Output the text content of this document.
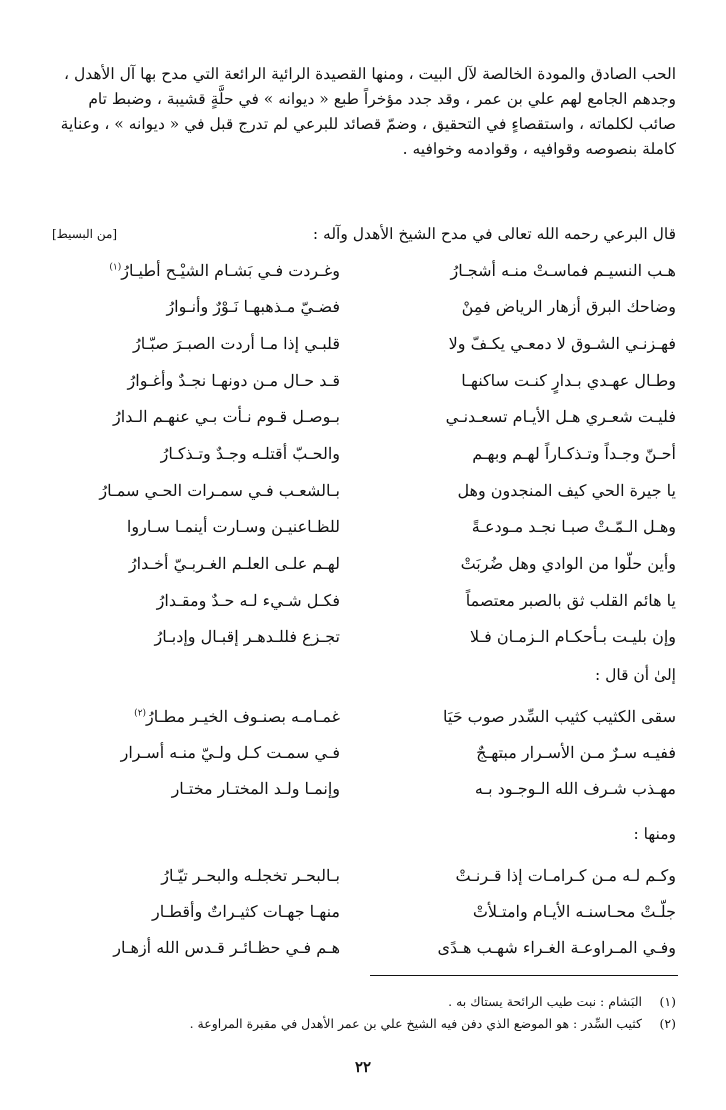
الحب الصادق والمودة الخالصة لآل البيت ، ومنها القصيدة الرائية الرائعة التي مدح بها آل الأهدل ،
وجدهم الجامع لهم علي بن عمر ، وقد جدد مؤخراً طبع « ديوانه » في حلَّةٍ قشيبة ، وضبط تام
صائب لكلماته ، واستقصاءٍ في التحقيق ، وضمّ قصائد للبرعي لم تدرج قبل في « ديوانه » ، وعناية
كاملة بنصوصه وقوافيه ، وقوادمه وخوافيه .
قال البرعي رحمه الله تعالى في مدح الشيخ الأهدل وآله :
[من البسيط]
هـب النسيـم فماسـتْ منـه أشجـارُ
وغـردت فـي بَشـام الشيْـح أطيـارُ$^{(١)}$
وضاحك البرق أزهار الرياض فمِنْ
فضـيّ مـذهبهـا نَـوْرٌ وأنـوارُ
فهـزنـي الشـوق لا دمعـي يكـفّ ولا
قلبـي إذا مـا أردت الصبـرَ صبّـارُ
وطـال عهـدي بـدارٍ كنـت ساكنهـا
قـد حـال مـن دونهـا نجـدٌ وأغـوارُ
فليـت شعـري هـل الأيـام تسعـدنـي
بـوصـل قـوم نـأت بـي عنهـم الـدارُ
أحـنّ وجـداً وتـذكـاراً لهـم وبهـم
والحـبّ أقتلـه وجـدٌ وتـذكـارُ
يا جيرة الحي كيف المنجدون وهل
بـالشعـب فـي سمـرات الحـي سمـارُ
وهـل الـمّـتْ صبـا نجـد مـودعـةً
للظـاعنيـن وسـارت أينمـا سـاروا
وأين حلّوا من الوادي وهل ضُربَتْ
لهـم علـى العلـم الغـربـيّ أخـدارُ
يا هائم القلب ثق بالصبر معتصماً
فكـل شـيء لـه حـدٌ ومقـدارُ
وإن بليـت بـأحكـام الـزمـان فـلا
تجـزع فللـدهـر إقبـال وإدبـارُ
إلىٰ أن قال :
سقى الكثيب كثيب السِّدر صوب حَيَا
غمـامـه بصنـوف الخيـر مطـارُ$^{(٢)}$
ففيـه سـرٌ مـن الأسـرار مبتهـجٌ
فـي سمـت كـل ولـيّ منـه أسـرار
مهـذب شـرف الله الـوجـود بـه
وإنمـا ولـد المختـار مختـار
ومنها :
وكـم لـه مـن كـرامـات إذا قـرنـتْ
بـالبحـر تخجلـه والبحـر تيّـارُ
جلّـتْ محـاسنـه الأيـام وامتـلأتْ
منهـا جهـات كثيـراتٌ وأقطـار
وفـي المـراوعـة الغـراء شهـب هـدًى
هـم فـي حظـائـر قـدس الله أزهـار
(١)البَشام : نبت طيب الرائحة يستاك به .
(٢)كثيب السِّدر : هو الموضع الذي دفن فيه الشيخ علي بن عمر الأهدل في مقبرة المراوعة .
٢٢
